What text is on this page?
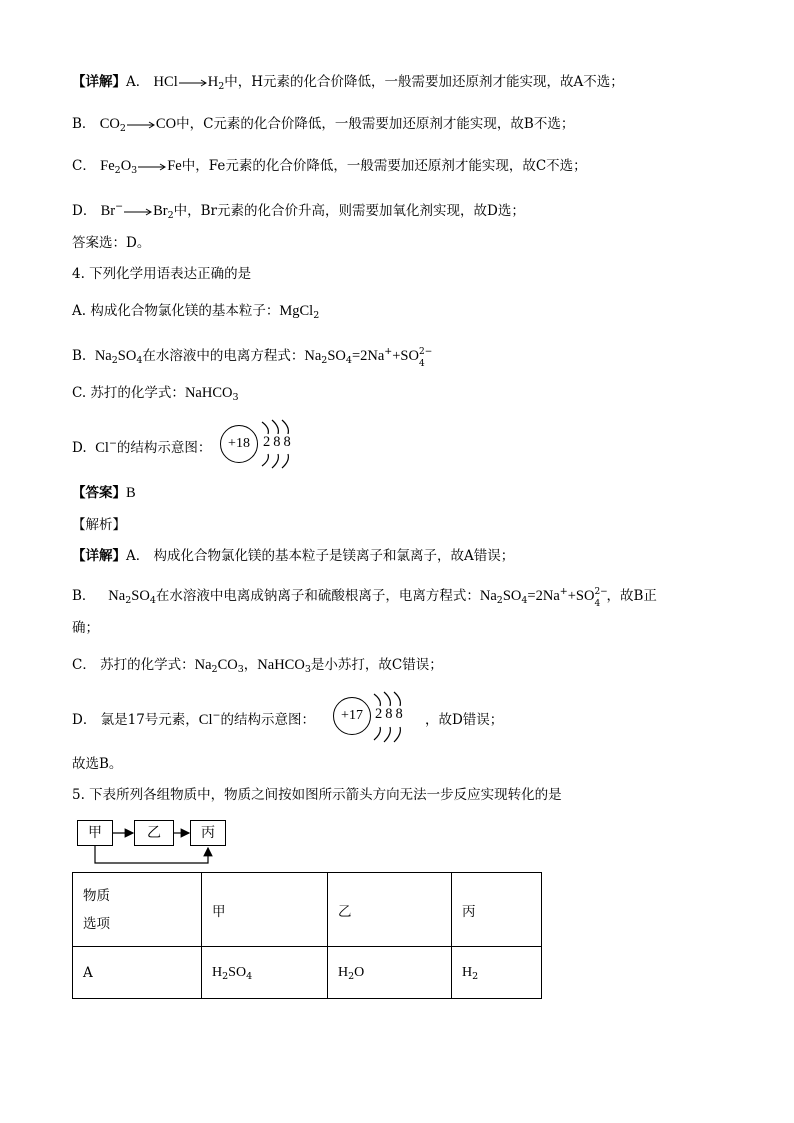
【详解】A． $HCl\to H_2$中，H元素的化合价降低，一般需要加还原剂才能实现，故A不选；
B． $CO_2\to CO$中，C元素的化合价降低，一般需要加还原剂才能实现，故B不选；
C． $Fe_2O_3\to Fe$中，Fe元素的化合价降低，一般需要加还原剂才能实现，故C不选；
D． $Br^-\to Br_2$中，Br元素的化合价升高，则需要加氧化剂实现，故D选；
答案选：D。
4. 下列化学用语表达正确的是
A. 构成化合物氯化镁的基本粒子：MgCl$_2$
B. $Na_2SO_4$在水溶液中的电离方程式：$Na_2SO_4=2Na^++SO$ 4
2−
C. 苏打的化学式：NaHCO$_3$
D. Cl−的结构示意图：	+18 288
【答案】B
【解析】
【详解】A． 构成化合物氯化镁的基本粒子是镁离子和氯离子，故A错误；
B． $Na_2SO_4$在水溶液中电离成钠离子和硫酸根离子，电离方程式：$Na_2SO_4=2Na^++SO$ 4
2−
，故B正
确；
C． 苏打的化学式：$Na_2CO_3$，NaHCO$_3$是小苏打，故C错误；
D． 氯是17号元素，Cl−的结构示意图：	，故D错误；
+17 288
故选B。
5. 下表所列各组物质中，物质之间按如图所示箭头方向无法一步反应实现转化的是
甲	乙	丙
物质
选项	甲	乙	丙
A	$H_2SO_4$	$H_2O$	$H_2$
